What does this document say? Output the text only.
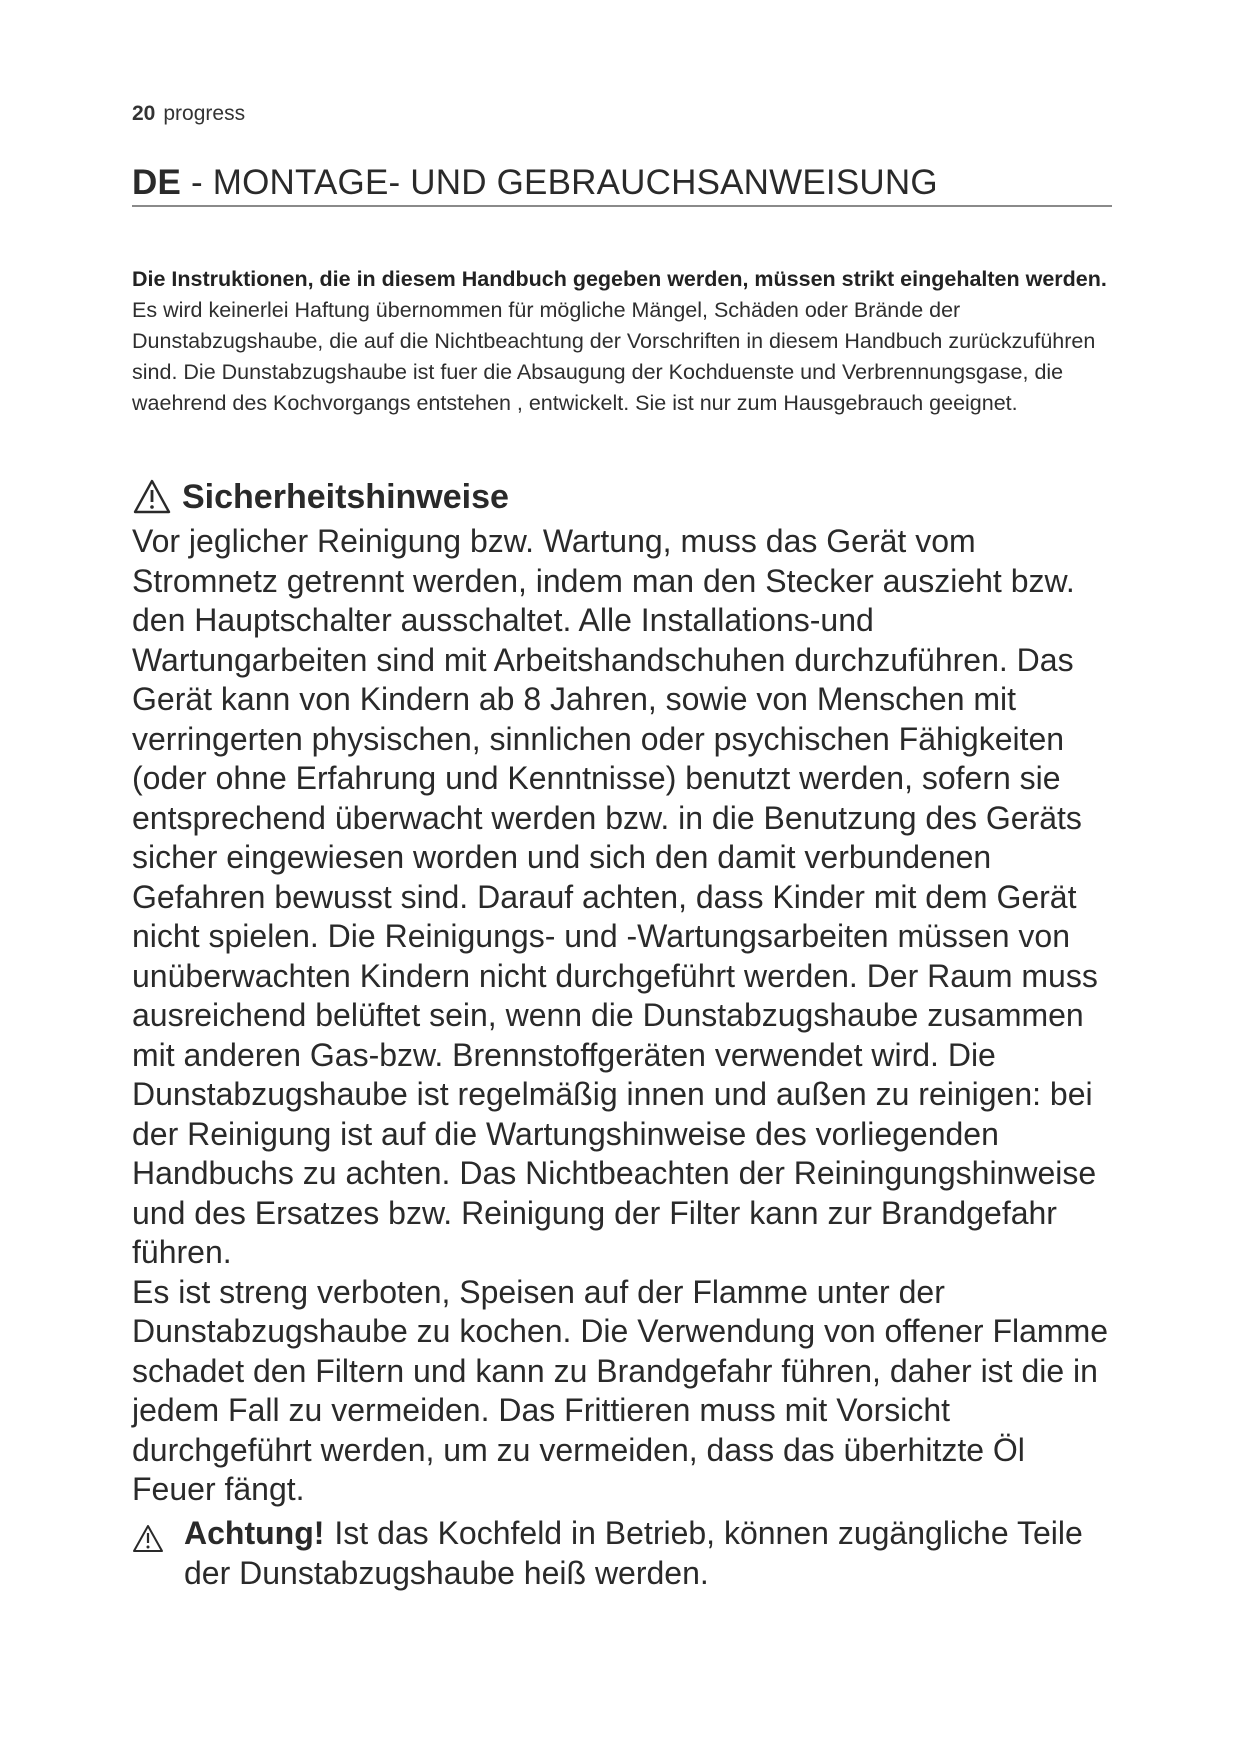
20 progress
DE - MONTAGE- UND GEBRAUCHSANWEISUNG
Die Instruktionen, die in diesem Handbuch gegeben werden, müssen strikt eingehalten werden. Es wird keinerlei Haftung übernommen für mögliche Mängel, Schäden oder Brände der Dunstabzugshaube, die auf die Nichtbeachtung der Vorschriften in diesem Handbuch zurückzuführen sind. Die Dunstabzugshaube ist fuer die Absaugung der Kochduenste und Verbrennungsgase, die waehrend des Kochvorgangs entstehen , entwickelt. Sie ist nur zum Hausgebrauch geeignet.
Sicherheitshinweise

Vor jeglicher Reinigung bzw. Wartung, muss das Gerät vom Stromnetz getrennt werden, indem man den Stecker auszieht bzw. den Hauptschalter ausschaltet. Alle Installations-und Wartungarbeiten sind mit Arbeitshandschuhen durchzuführen. Das Gerät kann von Kindern ab 8 Jahren, sowie von Menschen mit verringerten physischen, sinnlichen oder psychischen Fähigkeiten (oder ohne Erfahrung und Kenntnisse) benutzt werden, sofern sie entsprechend überwacht werden bzw. in die Benutzung des Geräts sicher eingewiesen worden und sich den damit verbundenen Gefahren bewusst sind. Darauf achten, dass Kinder mit dem Gerät nicht spielen. Die Reinigungs- und -Wartungsarbeiten müssen von unüberwachten Kindern nicht durchgeführt werden. Der Raum muss ausreichend belüftet sein, wenn die Dunstabzugshaube zusammen mit anderen Gas-bzw. Brennstoffgeräten verwendet wird. Die Dunstabzugshaube ist regelmäßig innen und außen zu reinigen: bei der Reinigung ist auf die Wartungshinweise des vorliegenden Handbuchs zu achten. Das Nichtbeachten der Reiningungshinweise und des Ersatzes bzw. Reinigung der Filter kann zur Brandgefahr führen.

Es ist streng verboten, Speisen auf der Flamme unter der Dunstabzugshaube zu kochen. Die Verwendung von offener Flamme schadet den Filtern und kann zu Brandgefahr führen, daher ist die in jedem Fall zu vermeiden. Das Frittieren muss mit Vorsicht durchgeführt werden, um zu vermeiden, dass das überhitzte Öl Feuer fängt.

Achtung! Ist das Kochfeld in Betrieb, können zugängliche Teile der Dunstabzugshaube heiß werden.
